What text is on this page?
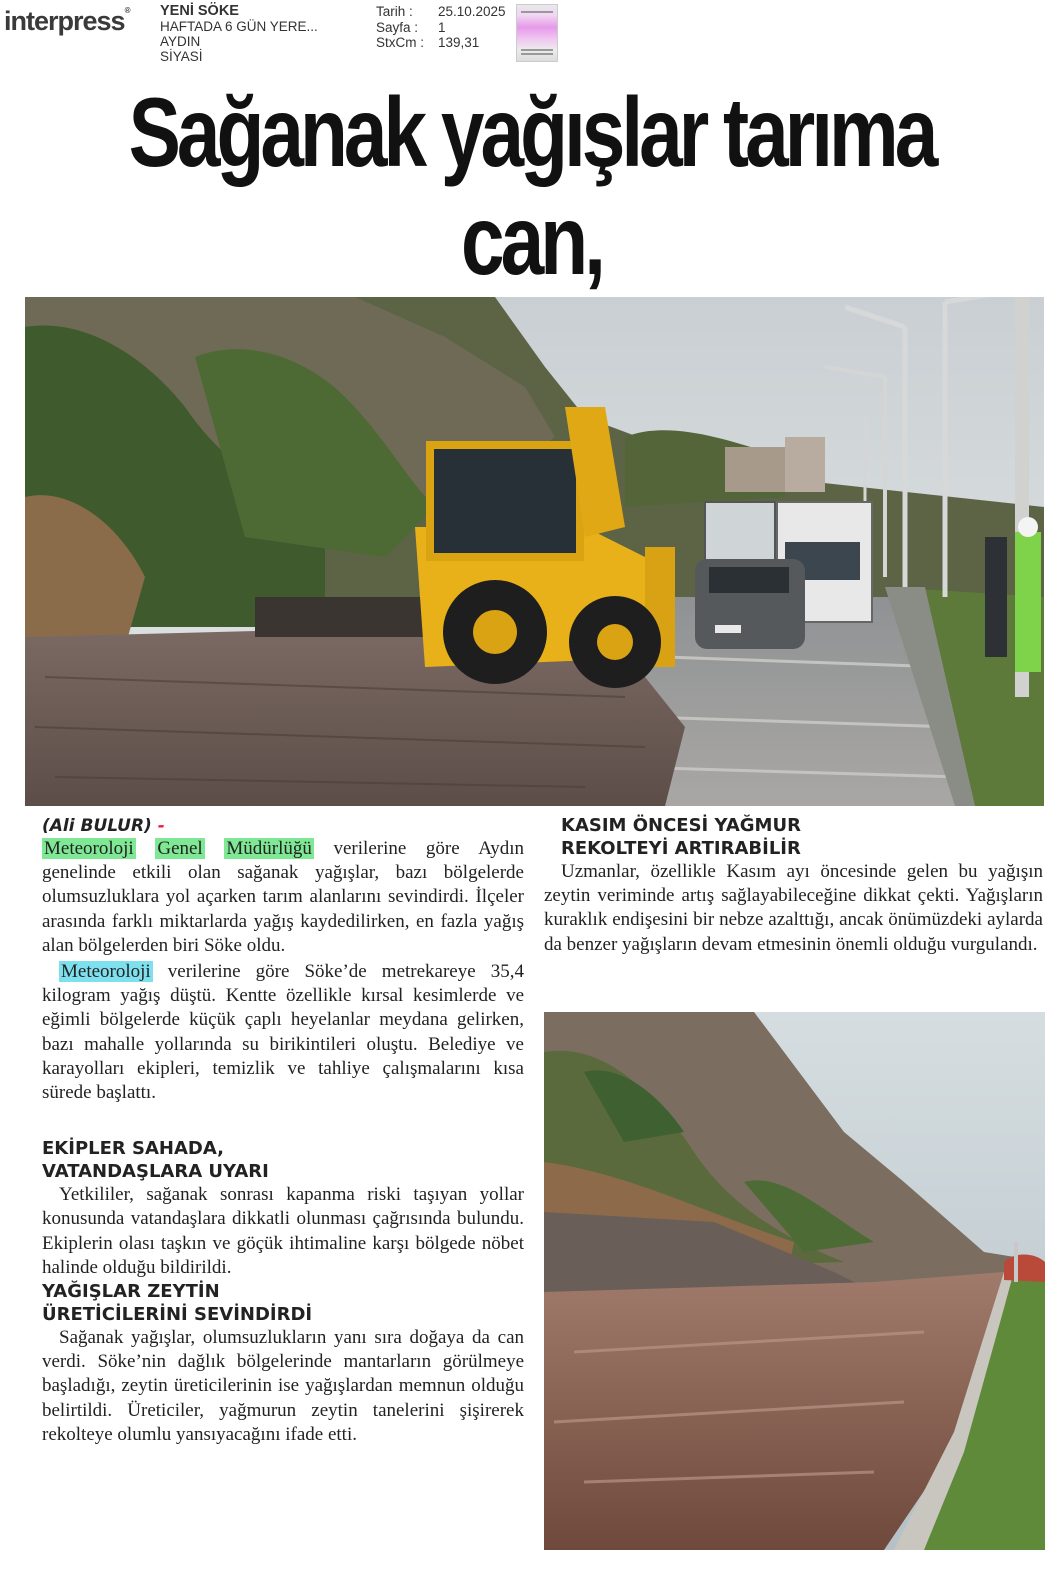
interpress® YENİ SÖKE
HAFTADA 6 GÜN YERE...
AYDIN
SİYASİ
Tarih :	25.10.2025
Sayfa :	1
StxCm :	139,31
Sağanak yağışlar tarıma can,
(Ali BULUR) -

Meteoroloji Genel Müdürlüğü verilerine göre Aydın genelinde etkili olan sağanak yağışlar, bazı bölgelerde olumsuzluklara yol açarken tarım alanlarını sevindirdi. İlçeler arasında farklı miktarlarda yağış kaydedilirken, en fazla yağış alan bölgelerden biri Söke oldu.

Meteoroloji verilerine göre Söke’de metrekareye 35,4 kilogram yağış düştü. Kentte özellikle kırsal kesimlerde ve eğimli bölgelerde küçük çaplı heyelanlar meydana gelirken, bazı mahalle yollarında su birikintileri oluştu. Belediye ve karayolları ekipleri, temizlik ve tahliye çalışmalarını kısa sürede başlattı.

EKİPLER SAHADA,
VATANDAŞLARA UYARI

Yetkililer, sağanak sonrası kapanma riski taşıyan yollar konusunda vatandaşlara dikkatli olunması çağrısında bulundu. Ekiplerin olası taşkın ve göçük ihtimaline karşı bölgede nöbet halinde olduğu bildirildi.

YAĞIŞLAR ZEYTİN
ÜRETİCİLERİNİ SEVİNDİRDİ

Sağanak yağışlar, olumsuzlukların yanı sıra doğaya da can verdi. Söke’nin dağlık bölgelerinde mantarların görülmeye başladığı, zeytin üreticilerinin ise yağışlardan memnun olduğu belirtildi. Üreticiler, yağmurun zeytin tanelerini şişirerek rekolteye olumlu yansıyacağını ifade etti.

KASIM ÖNCESİ YAĞMUR
REKOLTEYİ ARTIRABİLİR

Uzmanlar, özellikle Kasım ayı öncesinde gelen bu yağışın zeytin veriminde artış sağlayabileceğine dikkat çekti. Yağışların kuraklık endişesini bir nebze azalttığı, ancak önümüzdeki aylarda da benzer yağışların devam etmesinin önemli olduğu vurgulandı.
